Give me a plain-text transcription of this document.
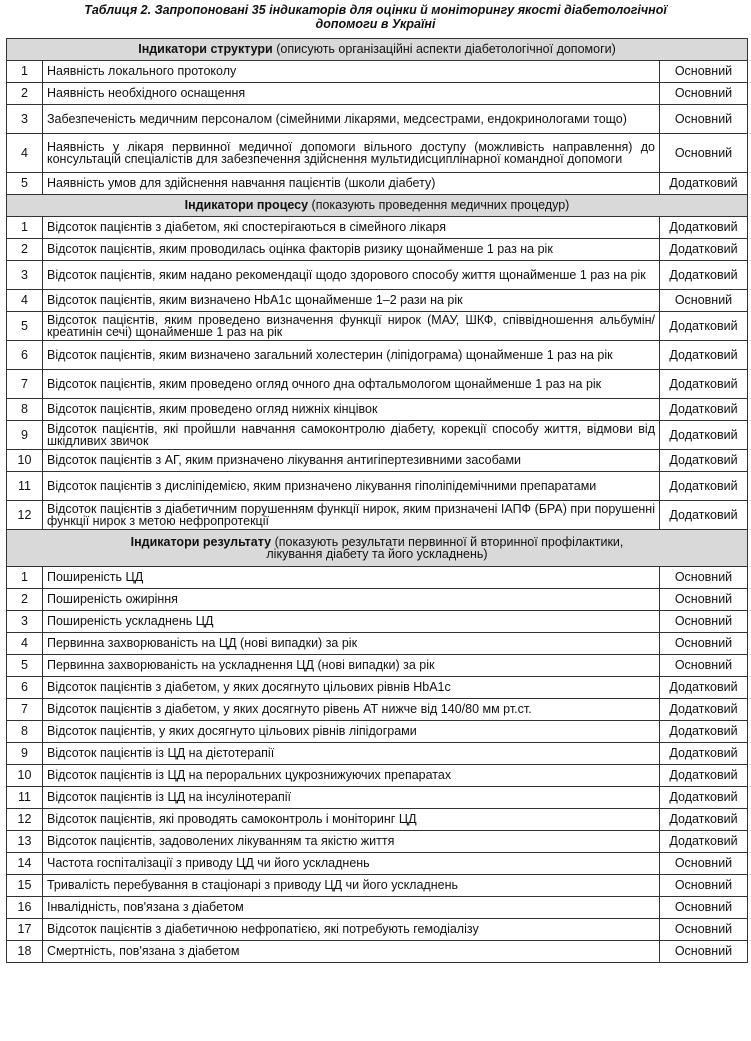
Таблиця 2. Запропоновані 35 індикаторів для оцінки й моніторингу якості діабетологічної
допомоги в Україні
Індикатори структури (описують організаційні аспекти діабетологічної допомоги)		
1	Наявність локального протоколу	Основний
2	Наявність необхідного оснащення	Основний
3	Забезпеченість медичним персоналом (сімейними лікарями, медсестрами, ендокринологами тощо)	Основний
4	Наявність у лікаря первинної медичної допомоги вільного доступу (можливість направлення) до консультацій спеціалістів для забезпечення здійснення мультидисциплінарної командної допомоги	Основний
5	Наявність умов для здійснення навчання пацієнтів (школи діабету)	Додатковий
Індикатори процесу (показують проведення медичних процедур)		
1	Відсоток пацієнтів з діабетом, які спостерігаються в сімейного лікаря	Додатковий
2	Відсоток пацієнтів, яким проводилась оцінка факторів ризику щонайменше 1 раз на рік	Додатковий
3	Відсоток пацієнтів, яким надано рекомендації щодо здорового способу життя щонайменше 1 раз на рік	Додатковий
4	Відсоток пацієнтів, яким визначено HbA1c щонайменше 1–2 рази на рік	Основний
5	Відсоток пацієнтів, яким проведено визначення функції нирок (МАУ, ШКФ, співвідношення альбумін/креатинін сечі) щонайменше 1 раз на рік	Додатковий
6	Відсоток пацієнтів, яким визначено загальний холестерин (ліпідограма) щонайменше 1 раз на рік	Додатковий
7	Відсоток пацієнтів, яким проведено огляд очного дна офтальмологом щонайменше 1 раз на рік	Додатковий
8	Відсоток пацієнтів, яким проведено огляд нижніх кінцівок	Додатковий
9	Відсоток пацієнтів, які пройшли навчання самоконтролю діабету, корекції способу життя, відмови від шкідливих звичок	Додатковий
10	Відсоток пацієнтів з АГ, яким призначено лікування антигіпертезивними засобами	Додатковий
11	Відсоток пацієнтів з дисліпідемією, яким призначено лікування гіполіпідемічними препаратами	Додатковий
12	Відсоток пацієнтів з діабетичним порушенням функції нирок, яким призначені ІАПФ (БРА) при порушенні функції нирок з метою нефропротекції	Додатковий
Індикатори результату (показують результати первинної й вторинної профілактики,
лікування діабету та його ускладнень)		
1	Поширеність ЦД	Основний
2	Поширеність ожиріння	Основний
3	Поширеність ускладнень ЦД	Основний
4	Первинна захворюваність на ЦД (нові випадки) за рік	Основний
5	Первинна захворюваність на ускладнення ЦД (нові випадки) за рік	Основний
6	Відсоток пацієнтів з діабетом, у яких досягнуто цільових рівнів HbA1c	Додатковий
7	Відсоток пацієнтів з діабетом, у яких досягнуто рівень АТ нижче від 140/80 мм рт.ст.	Додатковий
8	Відсоток пацієнтів, у яких досягнуто цільових рівнів ліпідограми	Додатковий
9	Відсоток пацієнтів із ЦД на дієтотерапії	Додатковий
10	Відсоток пацієнтів із ЦД на пероральних цукрознижуючих препаратах	Додатковий
11	Відсоток пацієнтів із ЦД на інсулінотерапії	Додатковий
12	Відсоток пацієнтів, які проводять самоконтроль і моніторинг ЦД	Додатковий
13	Відсоток пацієнтів, задоволених лікуванням та якістю життя	Додатковий
14	Частота госпіталізації з приводу ЦД чи його ускладнень	Основний
15	Тривалість перебування в стаціонарі з приводу ЦД чи його ускладнень	Основний
16	Інвалідність, пов'язана з діабетом	Основний
17	Відсоток пацієнтів з діабетичною нефропатією, які потребують гемодіалізу	Основний
18	Смертність, пов'язана з діабетом	Основний
